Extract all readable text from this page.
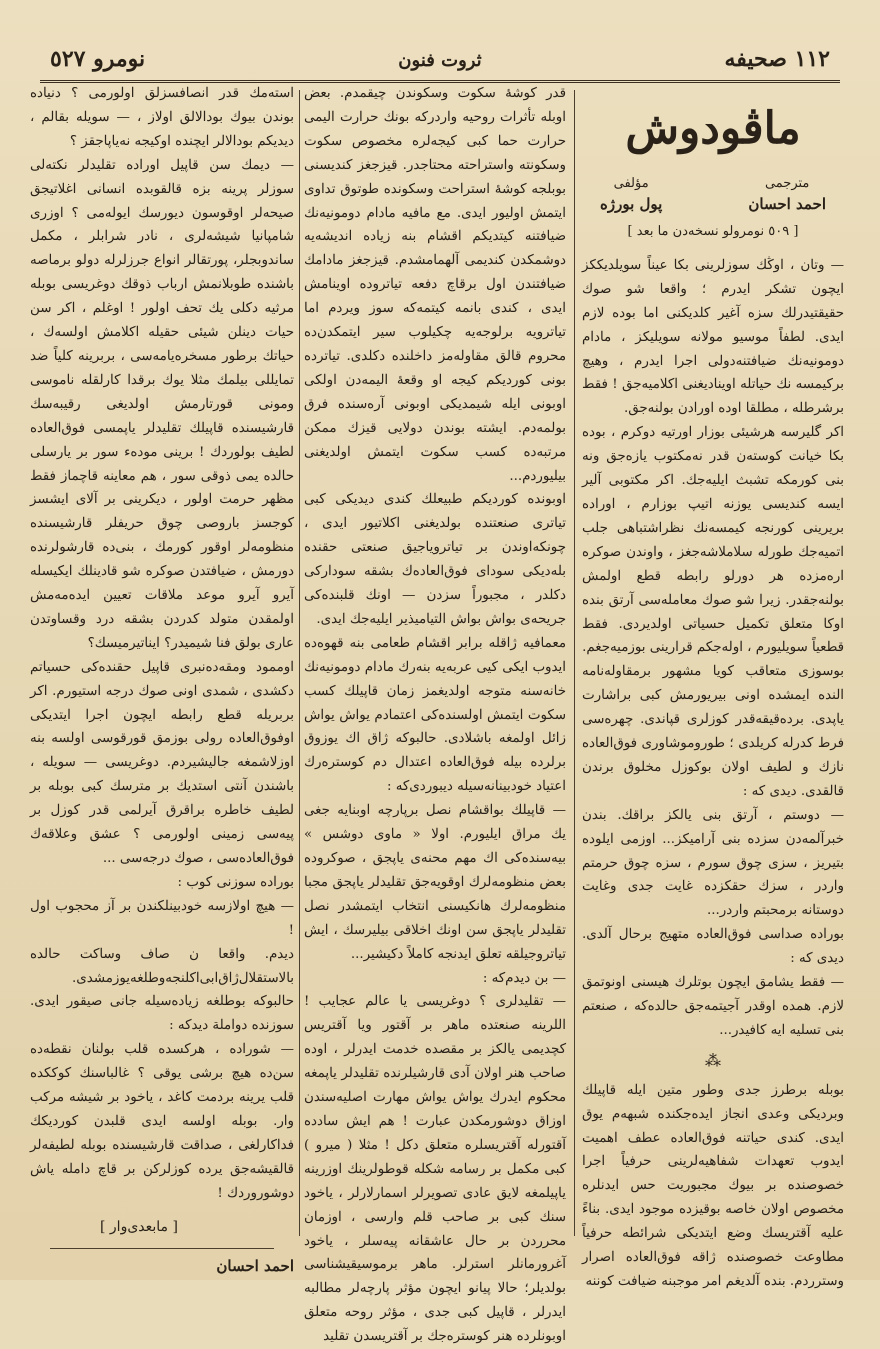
١١٢ صحيفه
ثروت فنون
نومرو ٥٢٧
ماڤودوش
مترجمی
احمد احسان
مؤلفی
پول بورژه
[ ٥٠٩ نومرولو نسخه‌دن ما بعد ]

— وتان ، اوڭك سوزلرینی بكا عیناً سویلدیككز ایچون تشكر ایدرم ؛ واقعا شو صوك حقیقتیدرلك سزه آغیر كلدیكنی اما بوده لازم ایدی. لطفاً موسیو مولانه سویلیكز ، مادام دومونیه‌نك ضیافتنه‌دولی اجرا ایدرم ، وهیچ بركیمسه نك حیاتله اوینادیغنی اكلامیه‌جق ! فقط برشرطله ، مطلقا اوده اورادن بولنه‌جق.

اكر گلیرسه هرشیئی بوزار اورتیه دوكرم ، بوده بكا خیانت كوسته‌ن قدر نه‌مكتوب یازه‌جق ونه‌ بنی كورمكه تشبث ایلیه‌جك. اكر مكتوبی آلیر ایسه‌ كندیسی یوزنه اتیپ بوزارم ، اوراده بریرینی كورنجه كیمسه‌نك نظراشتباهی جلب اتمیه‌جك طورله سلاملاشه‌جغز ، واوندن صوكره اره‌مزده هر دورلو رابطه قطع اولمش بولنه‌جقدر. زیرا شو صوك معامله‌سی آرتق بنده اوكا متعلق تكمیل حسیاتی اولدیردی. فقط قطعیاً سویلیورم ، اوله‌جكم قرارینی بوزمیه‌جغم.

بوسوزی متعاقب كویا مشهور برمقاوله‌نامه النده ایمشده اونی بیریورمش كبی براشارت یاپدی. برده‌قیقه‌قدر كوزلری قپاندی. چهره‌سی فرط كدرله كریلدی ؛ طوروموشاوری فوق‌العاده نازك و لطیف اولان بوكوزل مخلوق برندن قالقدی. دیدی كه :

— دوستم ، آرتق بنی یالكز براقك. بندن خبرآلمه‌دن سزده بنی آرامیكز... اوزمی ایلوده بتیریز ، سزی چوق سورم ، سزه چوق حرمتم واردر ، سزك حقكزده غایت جدی وغایت دوستانه برمحبتم واردر...

بوراده صداسی فوق‌العاده متهیج برحال آلدی. دیدی كه :

— فقط یشامق ایچون بوتلرك هیسنی اونوتمق لازم. همده اوقدر آجیتمه‌جق حالده‌كه ، صنعتم بنی تسلیه ایه كافیدر...

⁂

بوبله برطرز جدی وطور متین ایله قاپیلك وبردیكی وعدی انجاز ایده‌جكنده شبهه‌م یوق ایدی. كندی حیاتنه فوق‌العاده عطف اهمیت ایدوب تعهدات شفاهیه‌لرینی حرفیاً اجرا خصوصنده بر بیوك مجبوریت حس ایدنلره مخصوص اولان خاصه بوقیزده موجود ایدی. بناءً علیه آقتریسك وضع ایتدیكی شرائطه حرفیاً مطاوعت خصوصنده ژاقه فوق‌العاده اصرار وسترردم. بنده آلدیغم امر موجبنه ضیافت كوننه

قدر كوشه‌ٔ سكوت وسكوندن چیقمدم. بعض اوبله تأثرات روحیه واردركه بونك حرارت الیمی حرارت حما كبی كیجه‌لره مخصوص سكوت وسكونته واستراحته محتاجدر. قیزجغز كندیسنی بوبلجه كوشه‌ٔ استراحت وسكونده طوتوق تداوی ایتمش اولیور ایدی. مع مافیه مادام دومونیه‌نك ضیافتنه كیتدیكم اقشام بنه زیاده اندیشه‌یه دوشمكدن كندیمی آلهمامشدم. قیزجغز مادامك ضیافتندن اول برقاچ دفعه تیاتروده اوینامش ایدی ، كندی بانمه كیتمه‌كه سوز ویردم اما تیاترویه برلوجه‌یه چكیلوب سیر ایتمكدن‌ده محروم قالق مقاوله‌مز داخلنده دكلدی. تیاترده بونی كوردیكم كیجه او وقعه‌ٔ الیمه‌دن اولكی اوبونی ایله شیمدیكی اوبونی آره‌سنده فرق بولمه‌دم. ایشته بوندن دولایی قیزك ممكن مرتبه‌ده كسب سكوت ایتمش اولدیغنی بیلیوردم...

اوبونده كوردیكم طبیعلك كندی دیدیكی كبی تیاتری صنعتنده بولدیغنی اكلاتیور ایدی ، چونكه‌اوندن بر تیاترویاجیق صنعتی حقنده بله‌دیكی سوداى فوق‌العاده‌ك بشقه سوداركی دكلدر ، مجبوراً سزدن — اونك قلبنده‌كی جریحه‌ی بواش بواش التیامیذیر ایلیه‌جك ایدی.

معمافیه ژاقله برابر اقشام طعامی بنه قهوه‌ده ایدوب ایكی كیی عربه‌یه بنه‌رك مادام دومونیه‌نك خانه‌سنه متوجه اولدیغمز زمان قاپیلك كسب سكوت ایتمش اولسنده‌كی اعتمادم یواش یواش زائل اولمغه باشلادی. حالبوكه ژاق اك یوزوق برلرده بیله فوق‌العاده اعتدال دم كوستره‌رك اعتیاد خودبینانه‌سیله دیبوردی‌كه :

— قاپیلك بواقشام نصل برپارچه اوبنایه جغی یك مراق ایلیورم. اولا « ماوی دوشس » بیه‌سنده‌كی اك مهم محنه‌ی یاپجق ، صوكروده بعض منظومه‌لرك اوقویه‌جق تقلیدلر یاپجق مجبا منظومه‌لرك هانكیسنی انتخاب ایتمشدر نصل تقلیدلر یاپجق سن اونك اخلاقی بیلیرسك ، ایش تیاتروجیلقه تعلق ایدنجه كاملاً دكیشیر...

— بن دیدم‌كه :

— تقلیدلری ؟ دوغریسی یا عالم عجایب ! اللرینه صنعتده ماهر بر آقتور ویا آقتریس كچدیمی یالكز بر مقصده خدمت ایدرلر ، اوده صاحب هنر اولان آدی قارشیلرنده تقلیدلر یاپمغه محكوم ایدرك یواش یواش مهارت اصلیه‌سندن اوزاق دوشورمكدن عبارت ! هم ایش سادده آقتورله آقتریسلره متعلق دكل ! مثلا ( میرو ) كبی مكمل بر رسامه شكله قوطولرینك اوزرینه یاپیلمغه لایق عادی تصویرلر اسمارلارلر ، یاخود سنك كبی بر صاحب قلم وارسی ، اوزمان محرردن بر حال عاشقانه پیه‌سلر ، یاخود آغرورمانلر استرلر. ماهر برموسیقیشناسی بولدیلر؛ حالا پیانو ایچون مؤثر پارچه‌لر مطالبه ایدرلر ، قاپیل كبی جدی ، مؤثر روحه متعلق اوبونلرده هنر كوستره‌جك بر آقتریسدن تقلید

استه‌مك قدر انصافسزلق اولورمی ؟ دنیاده بوندن بیوك بودالالق اولاز ، — سویله بقالم ، دیدیكم بودالالر ایچنده اوكیجه نه‌یاپاجقز ؟

— دیمك سن قاپیل اوراده تقلیدلر نكته‌لی سوزلر پرینه بزه قالقوبده انسانی اغلاتیجق صیحه‌لر اوقوسون دیورسك ایوله‌می ؟ اوزری شامپانیا شیشه‌لری ، نادر شرابلر ، مكمل ساندوبجلر، پورتقالر انواع جرزلرله دولو برماصه باشنده طوبلانمش ارباب ذوقك دوغریسی بوبله مرثیه دكلی یك تحف اولور ! اوغلم ، اكر سن حیات دینلن شیئی حقیله اكلامش اولسه‌ك ، حیاتك برطور مسخره‌یامه‌سی ، بربرینه كلیاً ضد تمایللی بیلمك مثلا یوك برقدا كارلقله ناموسی ومونی قورتارمش اولدیغی رقیبه‌سك قارشیسنده قاپیلك تقلیدلر یاپمسی فوق‌العاده لطیف بولوردك ! برینی مودهء سور بر یارسلی حالده یمی ذوقی سور ، هم معاینه قاچماز فقط مظهر حرمت اولور ، دیكرینی بر آلای ایشسز كوجسز باروصی چوق حریفلر قارشیسنده منظومه‌لر اوقور كورمك ، بنی‌ده قارشولرنده دورمش ، ضیافتدن صوكره شو قادینلك ایكیسله آیرو آیرو موعد ملاقات تعیین ایده‌مه‌مش اولمقدن متولد كدردن بشقه درد وقساوتدن عاری بولق فنا شیمیدر؟ ایناتیرمیسك؟

اوممود ومقه‌ده‌نبری قاپیل حقنده‌كی حسیاتم دكشدی ، شمدی اونی صوك درجه استیورم. اكر بربریله قطع رابطه ایچون اجرا ایتدیكی اوفوق‌العاده رولی بوزمق قورقوسی اولسه بنه اوزلاشمغه جالیشیردم. دوغریسی — سویله ، باشندن آنتی استدیك بر مترسك كبی بوبله بر لطیف خاطره براقرق آیرلمی قدر كوزل بر پیه‌سی زمینی اولورمی ؟ عشق وعلاقه‌ك فوق‌العاده‌سی ، صوك درجه‌سی ...

بوراده سوزنی كوب :

— هیچ اولازسه خودبینلكندن بر آز محجوب اول !

دیدم. واقعا ن صاف وساكت حالده بالاستقلال‌ژاق‌ابی‌اكلنجه‌وطلغه‌یوزمشدی. حالبوكه بوطلغه زیاده‌سیله جانی صیقور ایدی. سوزنده دواملة دیدكه :

— شوراده ، هركسده قلب بولنان نقطه‌ده سن‌ده هیچ برشی یوقی ؟ غالباسنك كوككده قلب یرینه بردمت كاغد ، یاخود بر شیشه مركب وار. بوبله اولسه ایدی قلبدن كوردیكك فداكارلغی ، صداقت قارشیسنده بوبله لطیفه‌لر قالقیشه‌جق یرده كوزلركن بر قاچ دامله یاش دوشوروردك !

[ مابعدی‌وار ]
احمد احسان
